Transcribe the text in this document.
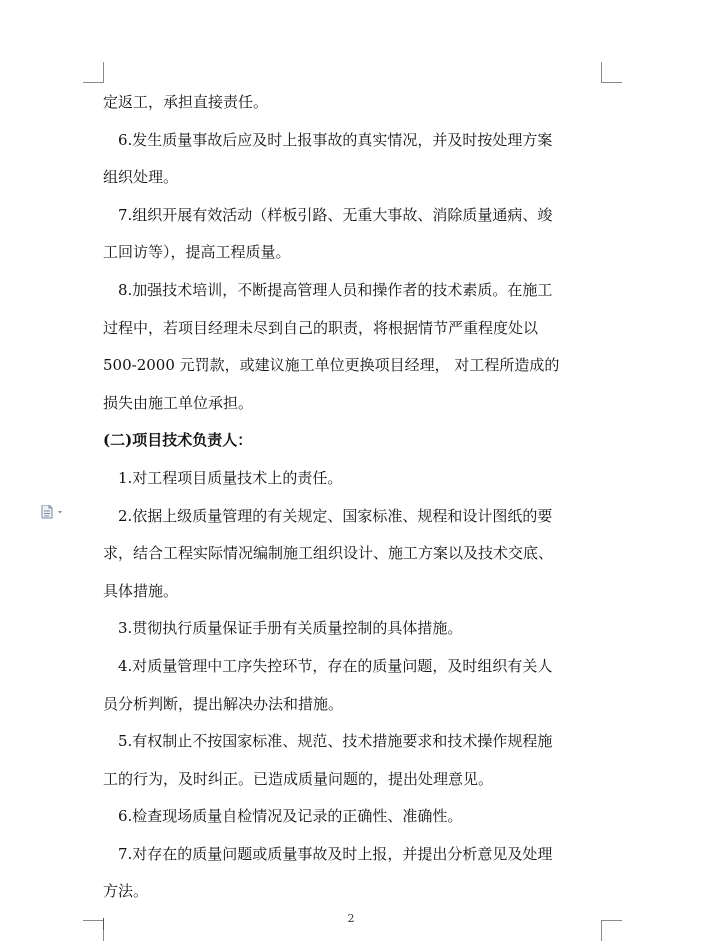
定返工，承担直接责任。
6.发生质量事故后应及时上报事故的真实情况，并及时按处理方案
组织处理。
7.组织开展有效活动（样板引路、无重大事故、消除质量通病、竣
工回访等），提高工程质量。
8.加强技术培训，不断提高管理人员和操作者的技术素质。在施工
过程中，若项目经理未尽到自己的职责，将根据情节严重程度处以
500-2000 元罚款，或建议施工单位更换项目经理， 对工程所造成的
损失由施工单位承担。
(二)项目技术负责人：
1.对工程项目质量技术上的责任。
2.依据上级质量管理的有关规定、国家标准、规程和设计图纸的要
求，结合工程实际情况编制施工组织设计、施工方案以及技术交底、
具体措施。
3.贯彻执行质量保证手册有关质量控制的具体措施。
4.对质量管理中工序失控环节，存在的质量问题，及时组织有关人
员分析判断，提出解决办法和措施。
5.有权制止不按国家标准、规范、技术措施要求和技术操作规程施
工的行为，及时纠正。已造成质量问题的，提出处理意见。
6.检查现场质量自检情况及记录的正确性、准确性。
7.对存在的质量问题或质量事故及时上报，并提出分析意见及处理
方法。
2
